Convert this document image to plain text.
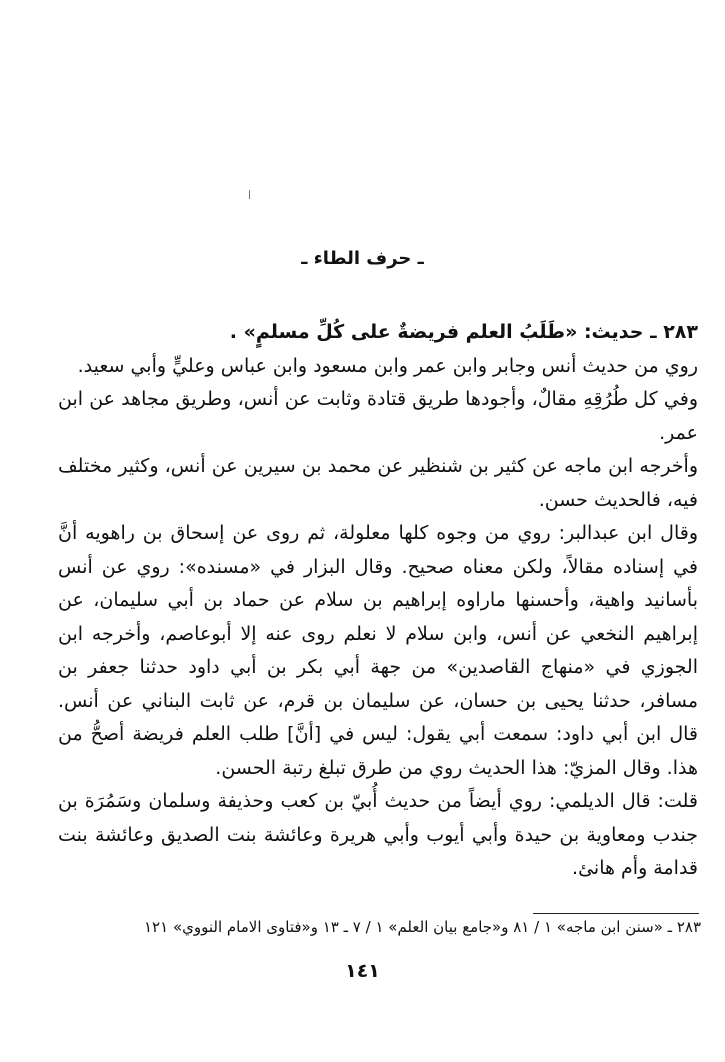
ـ حرف الطاء ـ

٢٨٣ ـ حديث: «طَلَبُ العلم فريضةٌ على كُلِّ مسلمٍ» .

روي من حديث أنس وجابر وابن عمر وابن مسعود وابن عباس وعليٍّ وأبي سعيد.

وفي كل طُرُقِهِ مقالٌ، وأجودها طريق قتادة وثابت عن أنس، وطريق مجاهد عن ابن عمر.

وأخرجه ابن ماجه عن كثير بن شنظير عن محمد بن سيرين عن أنس، وكثير مختلف فيه، فالحديث حسن.

وقال ابن عبدالبر: روي من وجوه كلها معلولة، ثم روى عن إسحاق بن راهويه أنَّ في إسناده مقالاً، ولكن معناه صحيح. وقال البزار في «مسنده»: روي عن أنس بأسانيد واهية، وأحسنها ماراوه إبراهيم بن سلام عن حماد بن أبي سليمان، عن إبراهيم النخعي عن أنس، وابن سلام لا نعلم روى عنه إلا أبوعاصم، وأخرجه ابن الجوزي في «منهاج القاصدين» من جهة أبي بكر بن أبي داود حدثنا جعفر بن مسافر، حدثنا يحيى بن حسان، عن سليمان بن قرم، عن ثابت البناني عن أنس. قال ابن أبي داود: سمعت أبي يقول: ليس في [أنَّ] طلب العلم فريضة أصحُّ من هذا. وقال المزيّ: هذا الحديث روي من طرق تبلغ رتبة الحسن.

قلت: قال الديلمي: روي أيضاً من حديث أُبيّ بن كعب وحذيفة وسلمان وسَمُرَة بن جندب ومعاوية بن حيدة وأبي أيوب وأبي هريرة وعائشة بنت الصديق وعائشة بنت قدامة وأم هانئ.

٢٨٣ ـ «سنن ابن ماجه» ١ / ٨١ و«جامع بيان العلم» ١ / ٧ ـ ١٣ و«فتاوى الامام النووي» ١٢١
١٤١
